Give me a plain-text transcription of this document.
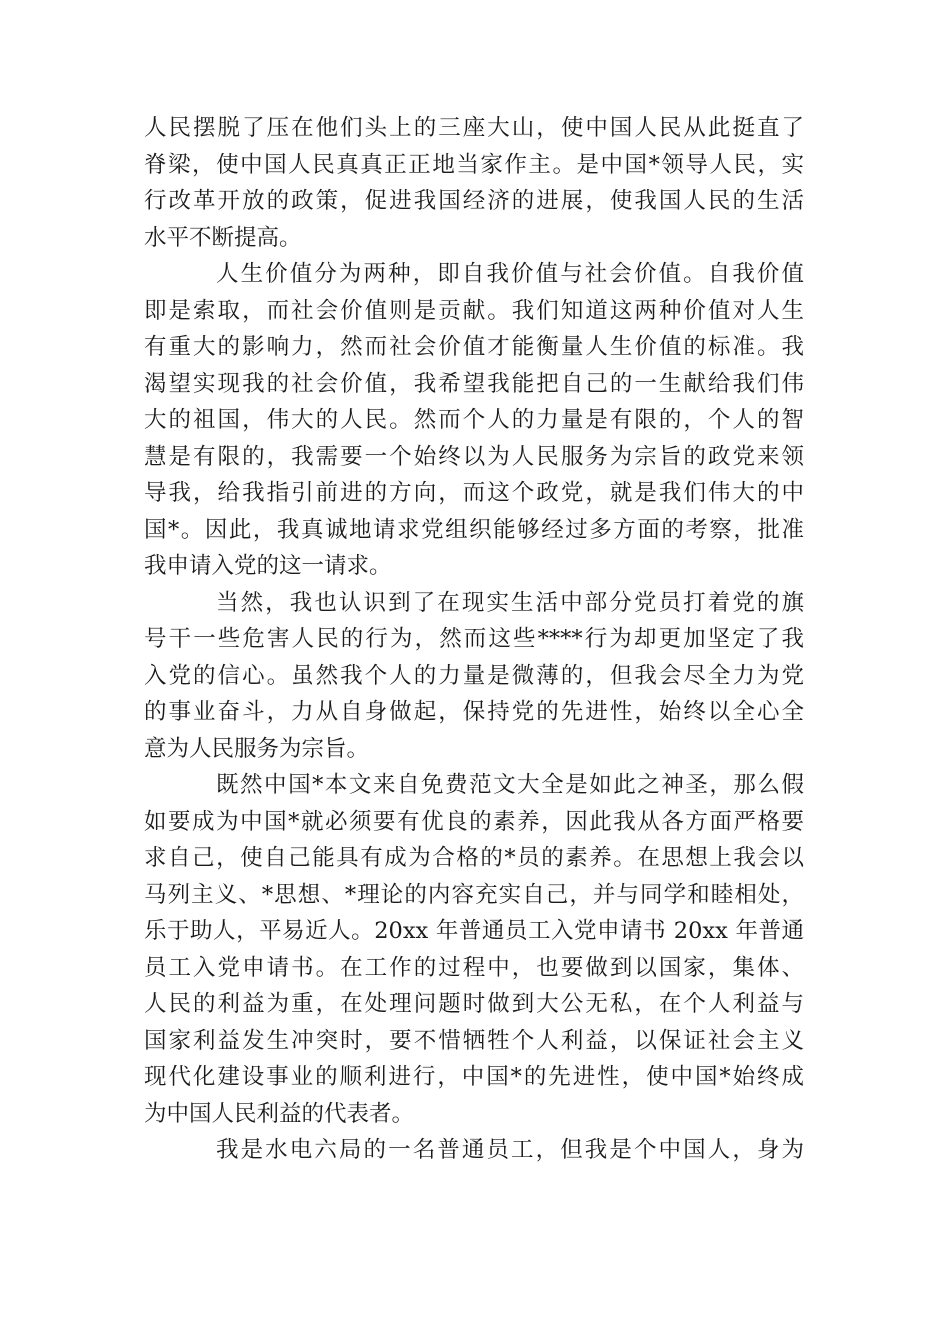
人民摆脱了压在他们头上的三座大山，使中国人民从此挺直了
脊梁，使中国人民真真正正地当家作主。是中国*领导人民，实
行改革开放的政策，促进我国经济的进展，使我国人民的生活
水平不断提高。
人生价值分为两种，即自我价值与社会价值。自我价值
即是索取，而社会价值则是贡献。我们知道这两种价值对人生
有重大的影响力，然而社会价值才能衡量人生价值的标准。我
渴望实现我的社会价值，我希望我能把自己的一生献给我们伟
大的祖国，伟大的人民。然而个人的力量是有限的，个人的智
慧是有限的，我需要一个始终以为人民服务为宗旨的政党来领
导我，给我指引前进的方向，而这个政党，就是我们伟大的中
国*。因此，我真诚地请求党组织能够经过多方面的考察，批准
我申请入党的这一请求。
当然，我也认识到了在现实生活中部分党员打着党的旗
号干一些危害人民的行为，然而这些****行为却更加坚定了我
入党的信心。虽然我个人的力量是微薄的，但我会尽全力为党
的事业奋斗，力从自身做起，保持党的先进性，始终以全心全
意为人民服务为宗旨。
既然中国*本文来自免费范文大全是如此之神圣，那么假
如要成为中国*就必须要有优良的素养，因此我从各方面严格要
求自己，使自己能具有成为合格的*员的素养。在思想上我会以
马列主义、*思想、*理论的内容充实自己，并与同学和睦相处，
乐于助人，平易近人。20xx 年普通员工入党申请书 20xx 年普通
员工入党申请书。在工作的过程中，也要做到以国家，集体、
人民的利益为重，在处理问题时做到大公无私，在个人利益与
国家利益发生冲突时，要不惜牺牲个人利益，以保证社会主义
现代化建设事业的顺利进行，中国*的先进性，使中国*始终成
为中国人民利益的代表者。
我是水电六局的一名普通员工，但我是个中国人，身为
